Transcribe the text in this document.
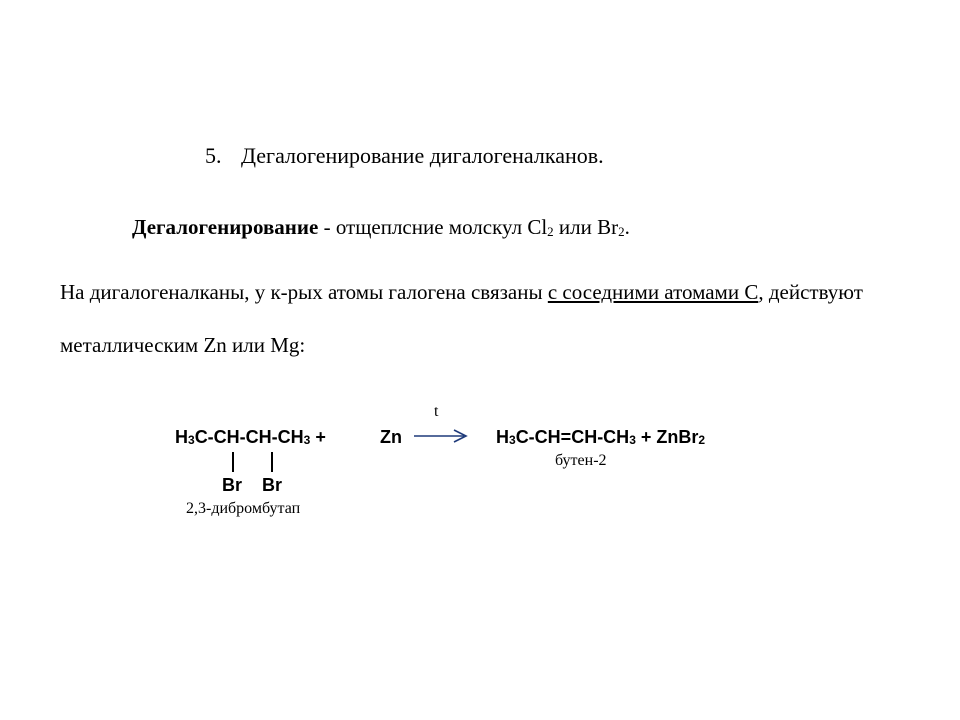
5. Дегалогенирование дигалогеналканов.
Дегалогенирование - отщеплсние молскул $Cl_2$ или $Br_2$.
На дигалогеналканы, у к-рых атомы галогена связаны с соседними атомами С, действуют
металлическим Zn или Mg:
$H_3C-CH-CH-CH_3$ +	Zn
t
$H_3C-CH=CH-CH_3$ + ZnBr$_2$
Br Br
2,3-дибромбутап
бутен-2
